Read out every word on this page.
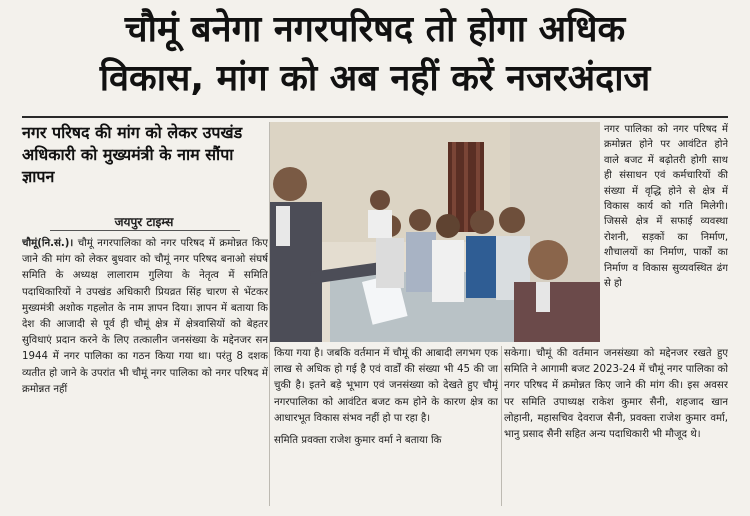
चौमूं बनेगा नगरपरिषद तो होगा अधिक
विकास, मांग को अब नहीं करें नजरअंदाज
नगर परिषद की मांग को लेकर उपखंड अधिकारी को मुख्यमंत्री के नाम सौंपा ज्ञापन
जयपुर टाइम्स

चौमूं(नि.सं.)। चौमूं नगरपालिका को नगर परिषद में क्रमोन्नत किए जाने की मांग को लेकर बुधवार को चौमूं नगर परिषद बनाओ संघर्ष समिति के अध्यक्ष लालाराम गुलिया के नेतृत्व में समिति पदाधिकारियों ने उपखंड अधिकारी प्रियव्रत सिंह चारण से भेंटकर मुख्यमंत्री अशोक गहलोत के नाम ज्ञापन दिया। ज्ञापन में बताया कि देश की आजादी से पूर्व ही चौमूं क्षेत्र में क्षेत्रवासियों को बेहतर सुविधाएं प्रदान करने के लिए तत्कालीन जनसंख्या के मद्देनजर सन 1944 में नगर पालिका का गठन किया गया था। परंतु 8 दशक व्यतीत हो जाने के उपरांत भी चौमूं नगर पालिका को नगर परिषद में क्रमोन्नत नहीं

नगर पालिका को नगर परिषद में क्रमोन्नत होने पर आवंटित होने वाले बजट में बढ़ोतरी होगी साथ ही संसाधन एवं कर्मचारियों की संख्या में वृद्धि होने से क्षेत्र में विकास कार्य को गति मिलेगी। जिससे क्षेत्र में सफाई व्यवस्था रोशनी, सड़कों का निर्माण, शौचालयों का निर्माण, पार्कों का निर्माण व विकास सुव्यवस्थित ढंग से हो

किया गया है। जबकि वर्तमान में चौमूं की आबादी लगभग एक लाख से अधिक हो गई है एवं वार्डों की संख्या भी 45 की जा चुकी है। इतने बड़े भूभाग एवं जनसंख्या को देखते हुए चौमूं नगरपालिका को आवंटित बजट कम होने के कारण क्षेत्र का आधारभूत विकास संभव नहीं हो पा रहा है।

समिति प्रवक्ता राजेश कुमार वर्मा ने बताया कि

सकेगा। चौमूं की वर्तमान जनसंख्या को मद्देनजर रखते हुए समिति ने आगामी बजट 2023-24 में चौमूं नगर पालिका को नगर परिषद में क्रमोन्नत किए जाने की मांग की। इस अवसर पर समिति उपाध्यक्ष राकेश कुमार सैनी, शहजाद खान लोहानी, महासचिव देवराज सैनी, प्रवक्ता राजेश कुमार वर्मा, भानु प्रसाद सैनी सहित अन्य पदाधिकारी भी मौजूद थे।
